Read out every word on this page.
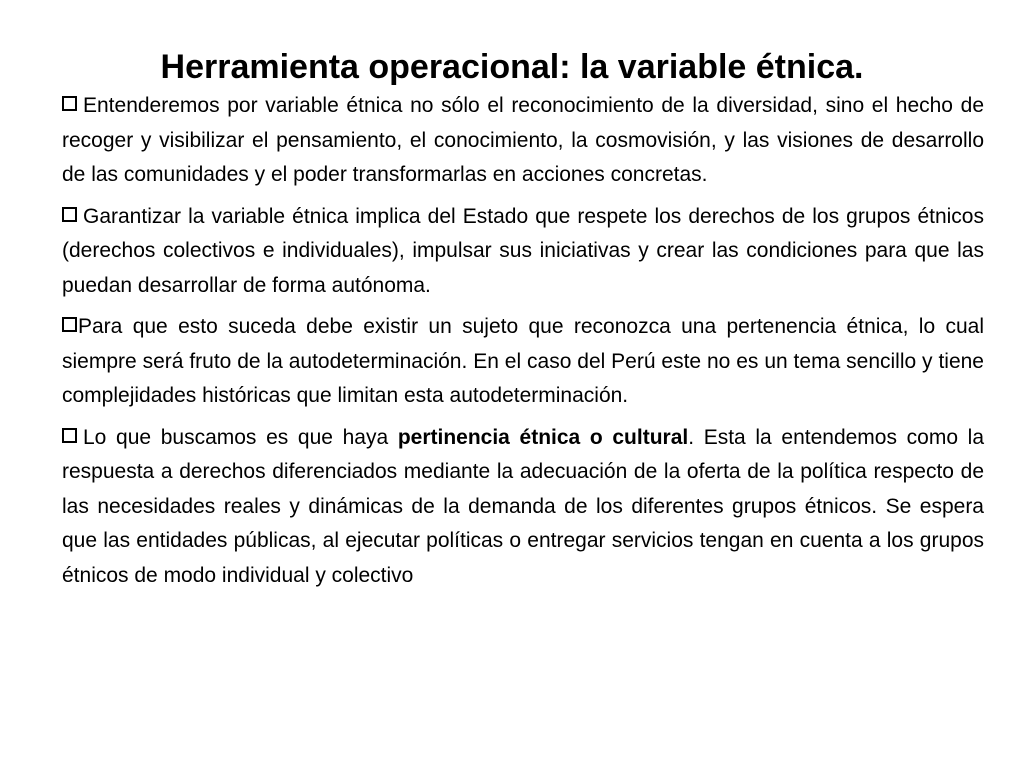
Herramienta operacional: la variable étnica.

Entenderemos por variable étnica no sólo el reconocimiento de la diversidad, sino el hecho de recoger y visibilizar el pensamiento, el conocimiento, la cosmovisión, y las visiones de desarrollo de las comunidades y el poder transformarlas en acciones concretas.

Garantizar la variable étnica implica del Estado que respete los derechos de los grupos étnicos (derechos colectivos e individuales), impulsar sus iniciativas y crear las condiciones para que las puedan desarrollar de forma autónoma.

Para que esto suceda debe existir un sujeto que reconozca una pertenencia étnica, lo cual siempre será fruto de la autodeterminación. En el caso del Perú este no es un tema sencillo y tiene complejidades históricas que limitan esta autodeterminación.

Lo que buscamos es que haya pertinencia étnica o cultural. Esta la entendemos como la respuesta a derechos diferenciados mediante la adecuación de la oferta de la política respecto de las necesidades reales y dinámicas de la demanda de los diferentes grupos étnicos. Se espera que las entidades públicas, al ejecutar políticas o entregar servicios tengan en cuenta a los grupos étnicos de modo individual y colectivo
